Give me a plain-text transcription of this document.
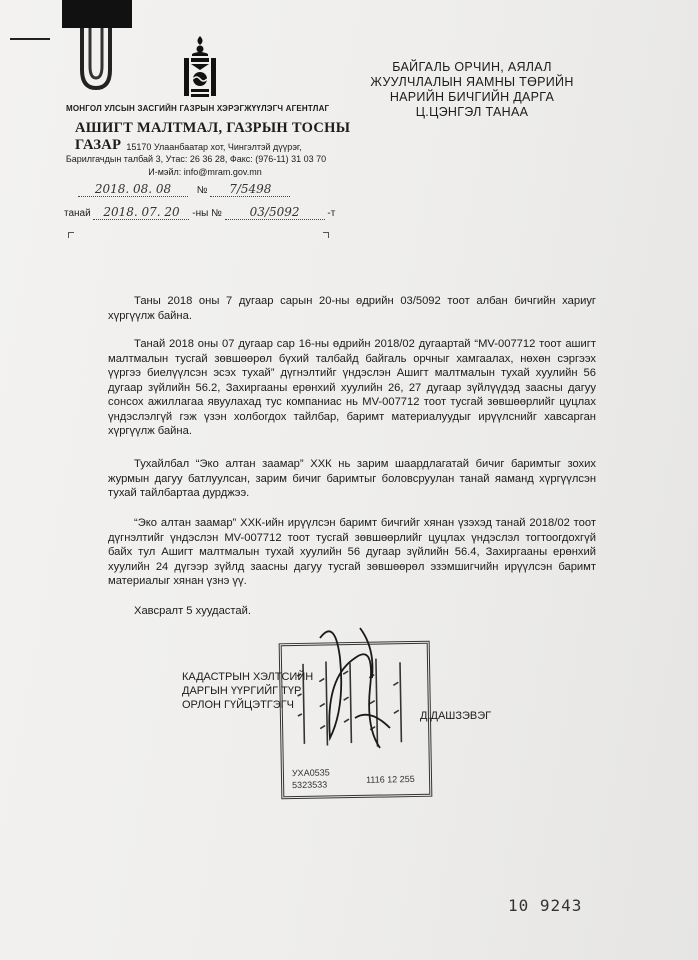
МОНГОЛ УЛСЫН ЗАСГИЙН ГАЗРЫН ХЭРЭГЖҮҮЛЭГЧ АГЕНТЛАГ
АШИГТ МАЛТМАЛ, ГАЗРЫН ТОСНЫ ГАЗАР 15170 Улаанбаатар хот, Чингэлтэй дүүрэг,
Барилгачдын талбай 3, Утас: 26 36 28, Факс: (976-11) 31 03 70
И-мэйл: info@mram.gov.mn
2018. 08. 08	№ 7/5498
танай 2018. 07. 20 -ны № 03/5092	-т
БАЙГАЛЬ ОРЧИН, АЯЛАЛ
ЖУУЛЧЛАЛЫН ЯАМНЫ ТӨРИЙН
НАРИЙН БИЧГИЙН ДАРГА
Ц.ЦЭНГЭЛ ТАНАА

Таны 2018 оны 7 дугаар сарын 20-ны өдрийн 03/5092 тоот албан бичгийн хариуг хүргүүлж байна.

Танай 2018 оны 07 дугаар сар 16-ны өдрийн 2018/02 дугаартай “MV-007712 тоот ашигт малтмалын тусгай зөвшөөрөл бүхий талбайд байгаль орчныг хамгаалах, нөхөн сэргээх үүргээ биелүүлсэн эсэх тухай” дүгнэлтийг үндэслэн Ашигт малтмалын тухай хуулийн 56 дугаар зүйлийн 56.2, Захиргааны ерөнхий хуулийн 26, 27 дугаар зүйлүүдэд заасны дагуу сонсох ажиллагаа явуулахад тус компаниас нь MV-007712 тоот тусгай зөвшөөрлийг цуцлах үндэслэлгүй гэж үзэн холбогдох тайлбар, баримт материалуудыг ирүүлснийг хавсарган хүргүүлж байна.

Тухайлбал “Эко алтан заамар” ХХК нь зарим шаардлагатай бичиг баримтыг зохих журмын дагуу батлуулсан, зарим бичиг баримтыг боловсруулан танай яаманд хүргүүлсэн тухай тайлбартаа дурджээ.

“Эко алтан заамар” ХХК-ийн ирүүлсэн баримт бичгийг хянан үзэхэд танай 2018/02 тоот дүгнэлтийг үндэслэн MV-007712 тоот тусгай зөвшөөрлийг цуцлах үндэслэл тогтоогдохгүй байх тул Ашигт малтмалын тухай хуулийн 56 дугаар зүйлийн 56.4, Захиргааны ерөнхий хуулийн 24 дүгээр зүйлд заасны дагуу тусгай зөвшөөрөл эзэмшигчийн ирүүлсэн баримт материалыг хянан үзнэ үү.

Хавсралт 5 хуудастай.

УХА0535
5323533	1116 12 255
КАДАСТРЫН ХЭЛТСИЙН
ДАРГЫН ҮҮРГИЙГ ТҮР
ОРЛОН ГҮЙЦЭТГЭГЧ
Д.ДАШЗЭВЭГ
10 9243
